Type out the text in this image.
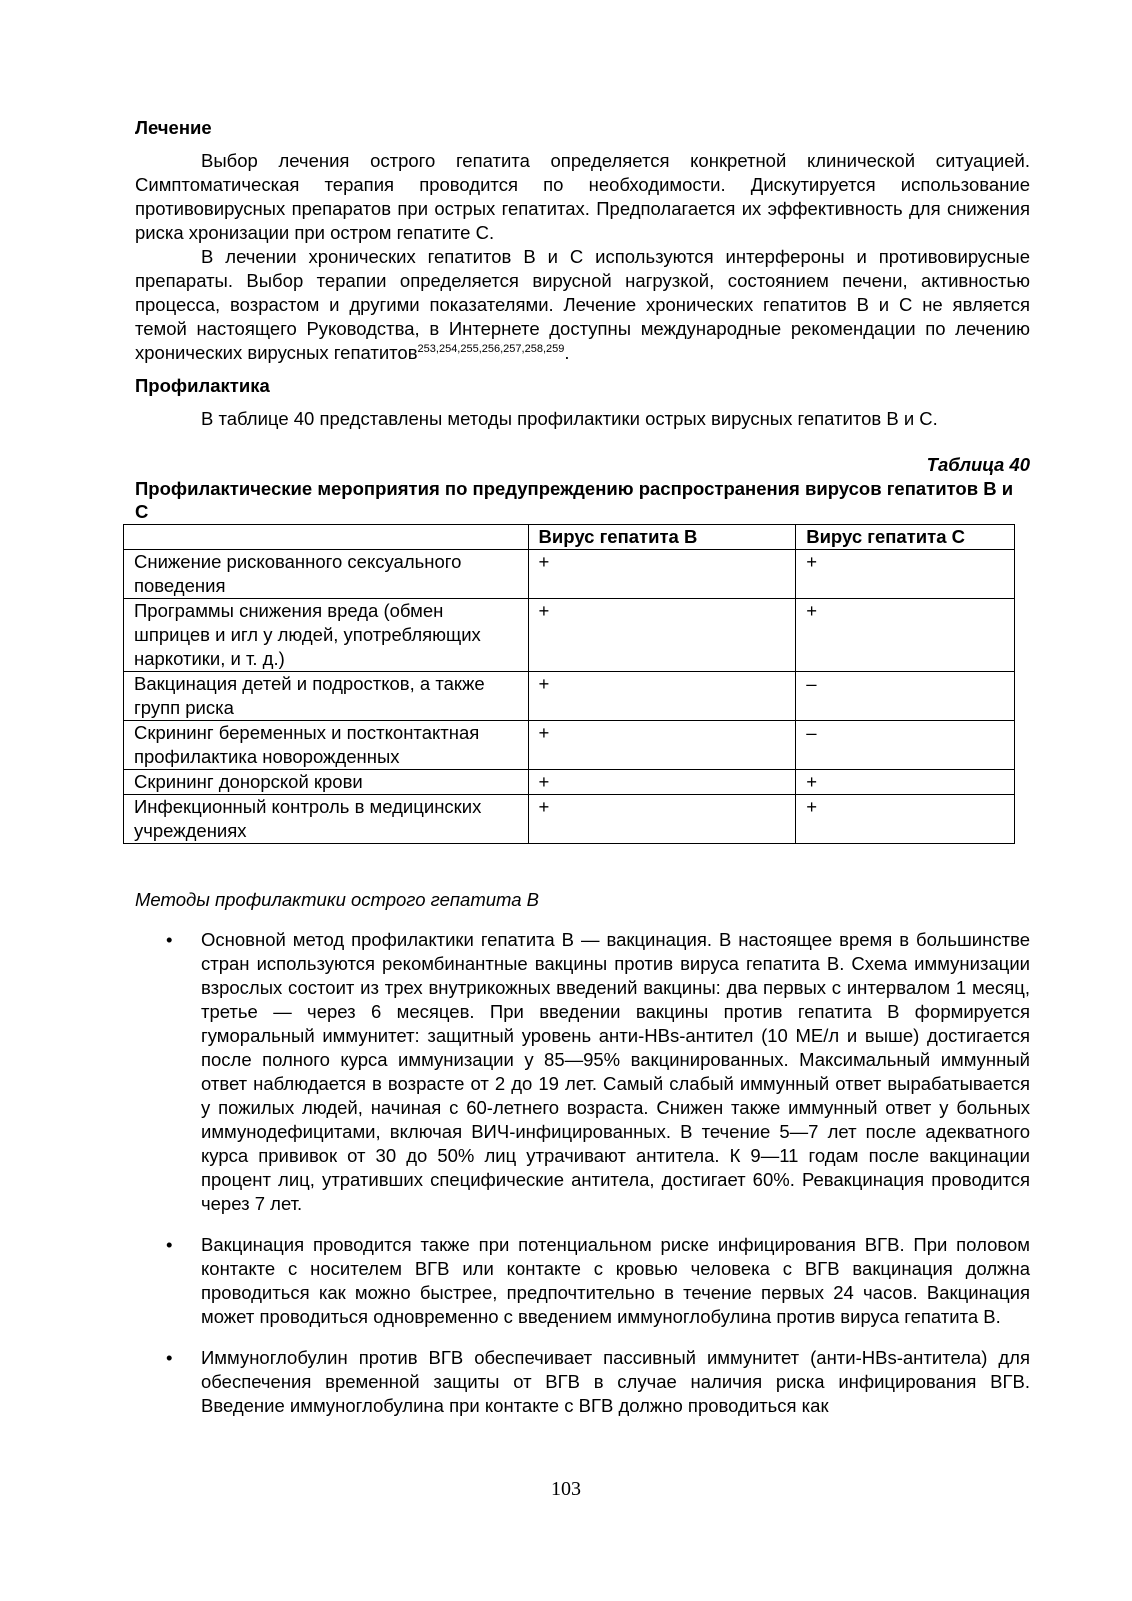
Лечение

Выбор лечения острого гепатита определяется конкретной клинической ситуацией. Симптоматическая терапия проводится по необходимости. Дискутируется использование противовирусных препаратов при острых гепатитах. Предполагается их эффективность для снижения риска хронизации при остром гепатите С.

В лечении хронических гепатитов В и С используются интерфероны и противовирусные препараты. Выбор терапии определяется вирусной нагрузкой, состоянием печени, активностью процесса, возрастом и другими показателями. Лечение хронических гепатитов В и С не является темой настоящего Руководства, в Интернете доступны международные рекомендации по лечению хронических вирусных гепатитов$^{253,254,255,256,257,258,259}$.

Профилактика

В таблице 40 представлены методы профилактики острых вирусных гепатитов В и С.

Таблица 40

Профилактические мероприятия по предупреждению распространения вирусов гепатитов В и С

	Вирус гепатита В	Вирус гепатита С
Снижение рискованного сексуального поведения	+	+
Программы снижения вреда (обмен шприцев и игл у людей, употребляющих наркотики, и т. д.)	+	+
Вакцинация детей и подростков, а также групп риска	+	–
Скрининг беременных и постконтактная профилактика новорожденных	+	–
Скрининг донорской крови	+	+
Инфекционный контроль в медицинских учреждениях	+	+

Методы профилактики острого гепатита В

• Основной метод профилактики гепатита В — вакцинация. В настоящее время в большинстве стран используются рекомбинантные вакцины против вируса гепатита В. Схема иммунизации взрослых состоит из трех внутрикожных введений вакцины: два первых с интервалом 1 месяц, третье — через 6 месяцев. При введении вакцины против гепатита В формируется гуморальный иммунитет: защитный уровень анти-HBs-антител (10 МЕ/л и выше) достигается после полного курса иммунизации у 85—95% вакцинированных. Максимальный иммунный ответ наблюдается в возрасте от 2 до 19 лет. Самый слабый иммунный ответ вырабатывается у пожилых людей, начиная с 60-летнего возраста. Снижен также иммунный ответ у больных иммунодефицитами, включая ВИЧ-инфицированных. В течение 5—7 лет после адекватного курса прививок от 30 до 50% лиц утрачивают антитела. К 9—11 годам после вакцинации процент лиц, утративших специфические антитела, достигает 60%. Ревакцинация проводится через 7 лет.
• Вакцинация проводится также при потенциальном риске инфицирования ВГВ. При половом контакте с носителем ВГВ или контакте с кровью человека с ВГВ вакцинация должна проводиться как можно быстрее, предпочтительно в течение первых 24 часов. Вакцинация может проводиться одновременно с введением иммуноглобулина против вируса гепатита В.
• Иммуноглобулин против ВГВ обеспечивает пассивный иммунитет (анти-HBs-антитела) для обеспечения временной защиты от ВГВ в случае наличия риска инфицирования ВГВ. Введение иммуноглобулина при контакте с ВГВ должно проводиться как
103
